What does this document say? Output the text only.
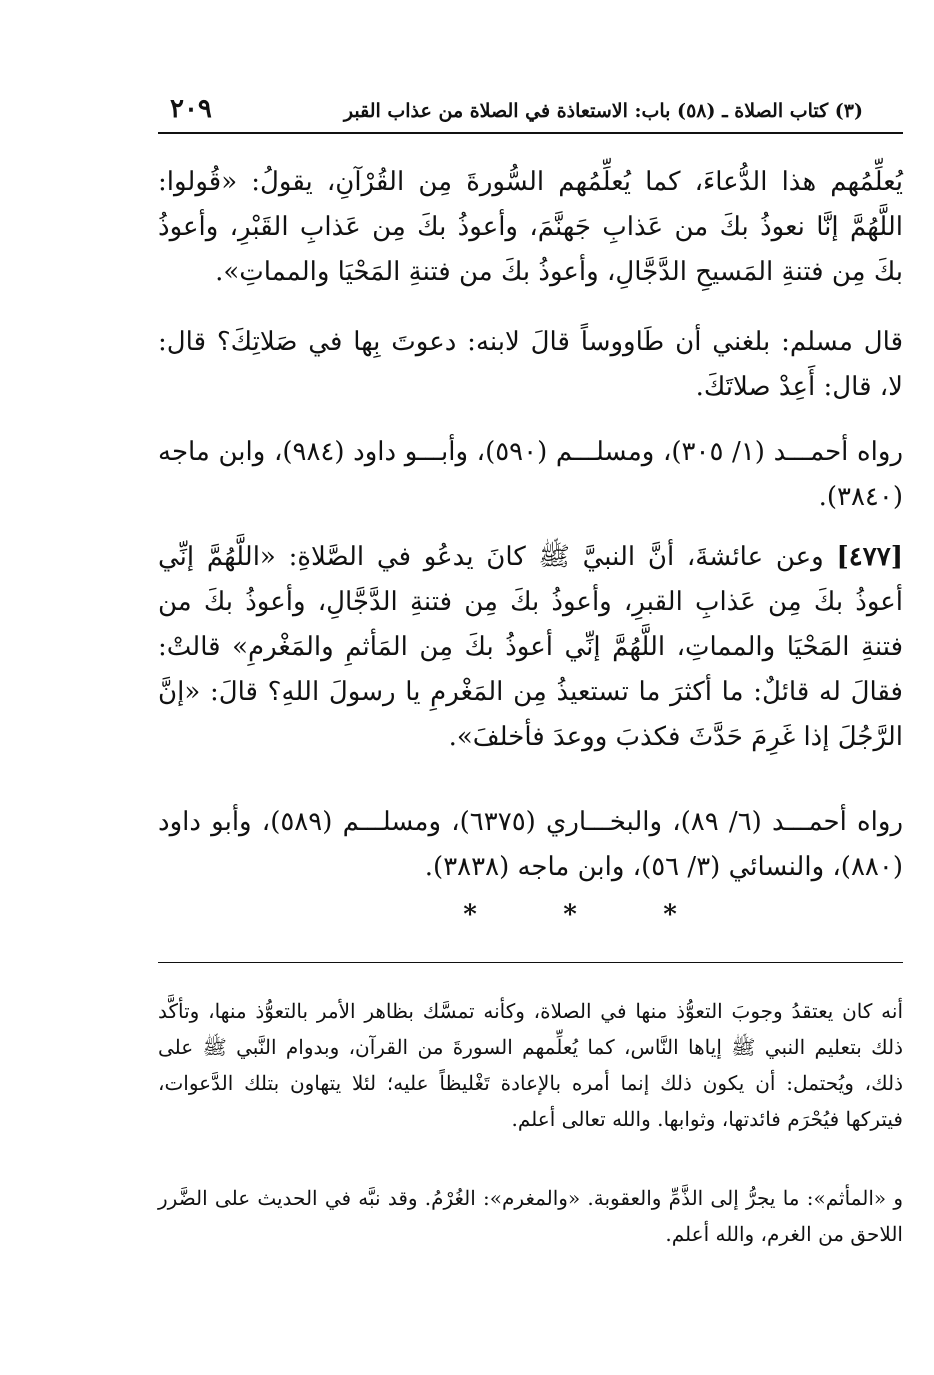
٢٠٩	(٣) كتاب الصلاة ـ (٥٨) باب: الاستعاذة في الصلاة من عذاب القبر

يُعلِّمُهم هذا الدُّعاءَ، كما يُعلِّمُهم السُّورةَ مِن القُرْآنِ، يقولُ: «قُولوا: اللَّهُمَّ إنَّا نعوذُ بكَ من عَذابِ جَهنَّمَ، وأعوذُ بكَ مِن عَذابِ القَبْرِ، وأعوذُ بكَ مِن فتنةِ المَسيحِ الدَّجَّالِ، وأعوذُ بكَ من فتنةِ المَحْيَا والمماتِ».

قال مسلم: بلغني أن طَاووساً قالَ لابنه: دعوتَ بِها في صَلاتِكَ؟ قال: لا، قال: أَعِدْ صلاتَكَ.

رواه أحمـــد (١/ ٣٠٥)، ومسلـــم (٥٩٠)، وأبـــو داود (٩٨٤)، وابن ماجه (٣٨٤٠).

[٤٧٧] وعن عائشةَ، أنَّ النبيَّ ﷺ كانَ يدعُو في الصَّلاةِ: «اللَّهُمَّ إنِّي أعوذُ بكَ مِن عَذابِ القبرِ، وأعوذُ بكَ مِن فتنةِ الدَّجَّالِ، وأعوذُ بكَ من فتنةِ المَحْيَا والمماتِ، اللَّهُمَّ إنِّي أعوذُ بكَ مِن المَأثمِ والمَغْرمِ» قالتْ: فقالَ له قائلٌ: ما أكثرَ ما تستعيذُ مِن المَغْرمِ يا رسولَ اللهِ؟ قالَ: «إنَّ الرَّجُلَ إذا غَرِمَ حَدَّثَ فكذبَ ووعدَ فأخلفَ».

رواه أحمـــد (٦/ ٨٩)، والبخـــاري (٦٣٧٥)، ومسلـــم (٥٨٩)، وأبو داود (٨٨٠)، والنسائي (٣/ ٥٦)، وابن ماجه (٣٨٣٨).

*	*	*

أنه كان يعتقدُ وجوبَ التعوُّذ منها في الصلاة، وكأنه تمسَّك بظاهر الأمر بالتعوُّذ منها، وتأكَّد ذلك بتعليم النبي ﷺ إياها النَّاس، كما يُعلِّمهم السورةَ من القرآن، وبدوام النَّبي ﷺ على ذلك، ويُحتمل: أن يكون ذلك إنما أمره بالإعادة تَغْليظاً عليه؛ لئلا يتهاون بتلك الدَّعوات، فيتركها فيُحْرَم فائدتها، وثوابها. والله تعالى أعلم.

و «المأثم»: ما يجرُّ إلى الذَّمِّ والعقوبة. «والمغرم»: الغُرْمُ. وقد نبَّه في الحديث على الضَّرر اللاحق من الغرم، والله أعلم.
